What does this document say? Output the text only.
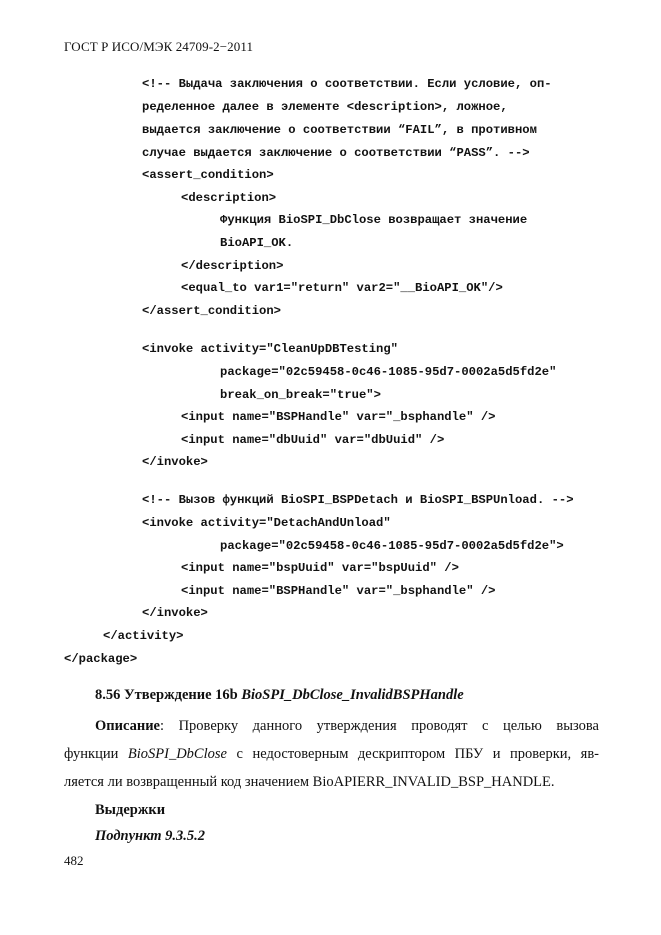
ГОСТ Р ИСО/МЭК 24709-2−2011

<!-- Выдача заключения о соответствии. Если условие, оп-

ределенное далее в элементе <description>, ложное,

выдается заключение о соответствии “FAIL”, в противном

случае выдается заключение о соответствии “PASS”. -->

<assert_condition>

<description>

Функция BioSPI_DbClose возвращает значение

BioAPI_OK.

</description>

<equal_to var1="return" var2="__BioAPI_OK"/>

</assert_condition>

<invoke activity="CleanUpDBTesting"

package="02c59458-0c46-1085-95d7-0002a5d5fd2e"

break_on_break="true">

<input name="BSPHandle" var="_bsphandle" />

<input name="dbUuid" var="dbUuid" />

</invoke>

<!-- Вызов функций BioSPI_BSPDetach и BioSPI_BSPUnload. -->

<invoke activity="DetachAndUnload"

package="02c59458-0c46-1085-95d7-0002a5d5fd2e">

<input name="bspUuid" var="bspUuid" />

<input name="BSPHandle" var="_bsphandle" />

</invoke>

</activity>

</package>

8.56 Утверждение 16b BioSPI_DbClose_InvalidBSPHandle
Описание: Проверку данного утверждения проводят с целью вызова
функции BioSPI_DbClose с недостоверным дескриптором ПБУ и проверки, яв-
ляется ли возвращенный код значением BioAPIERR_INVALID_BSP_HANDLE.
Выдержки
Подпункт 9.3.5.2
482
